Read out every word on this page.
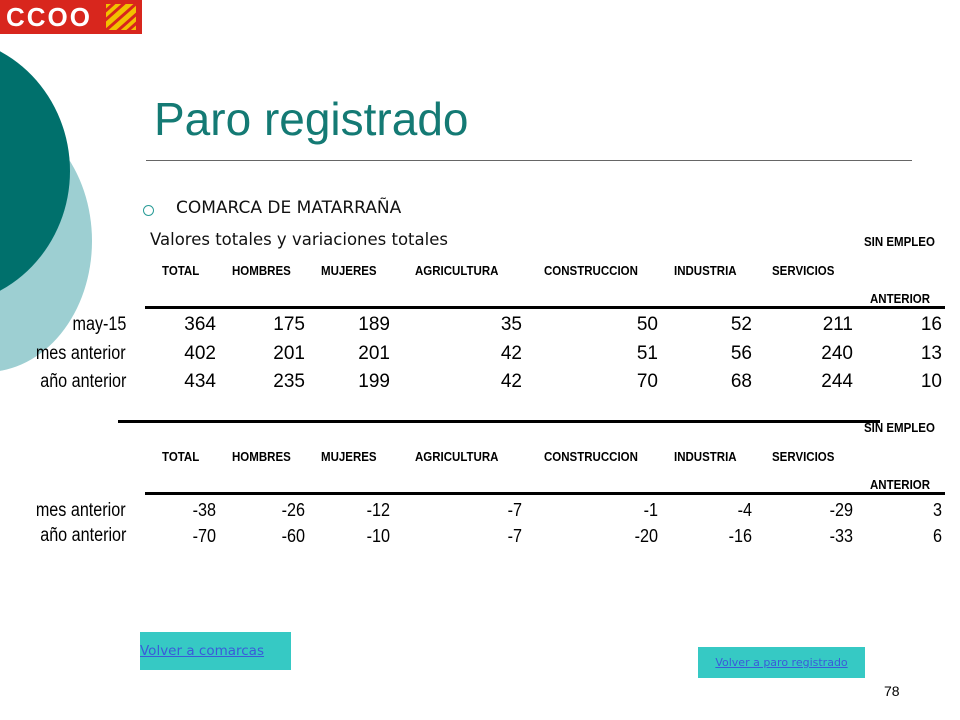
CCOO
Paro registrado
COMARCA DE MATARRAÑA
Valores totales y variaciones totales	SIN EMPLEO
TOTAL	HOMBRES MUJERES	AGRICULTURA	CONSTRUCCION	INDUSTRIA	SERVICIOS
ANTERIOR
may-15	364	175	189	35	50	52	211	16
mes anterior	402	201	201	42	51	56	240	13
año anterior	434	235	199	42	70	68	244	10
SIN EMPLEO
TOTAL	HOMBRES MUJERES	AGRICULTURA	CONSTRUCCION	INDUSTRIA	SERVICIOS
ANTERIOR
mes anterior	-38	-26	-12	-7	-1	-4	-29	3
año anterior	-70	-60	-10	-7	-20	-16	-33	6
Volver a comarcas
Volver a paro registrado
78
